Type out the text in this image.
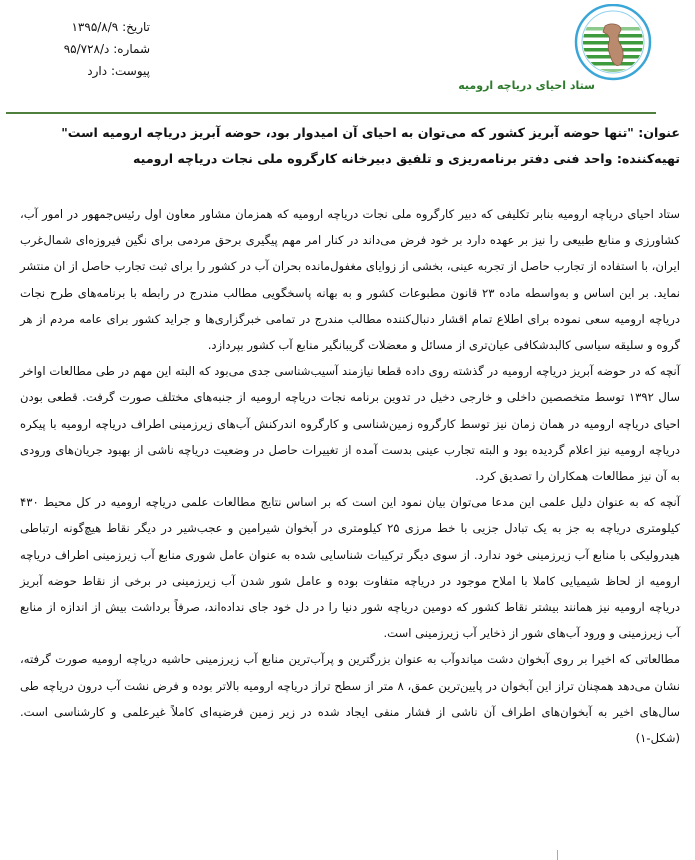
تاریخ: ۱۳۹۵/۸/۹
شماره: د/۹۵/۷۲۸
پیوست: دارد
ستاد احیای دریاچه ارومیه
عنوان: "تنها حوضه آبریز کشور که می‌توان به احیای آن امیدوار بود، حوضه آبریز دریاچه ارومیه است"
تهیه‌کننده: واحد فنی دفتر برنامه‌ریزی و تلفیق دبیرخانه کارگروه ملی نجات دریاچه ارومیه

ستاد احیای دریاچه ارومیه بنابر تکلیفی که دبیر کارگروه ملی نجات دریاچه ارومیه که همزمان مشاور معاون اول رئیس‌جمهور در امور آب، کشاورزی و منابع طبیعی را نیز بر عهده دارد بر خود فرض می‌داند در کنار امر مهم پیگیری برحق مردمی برای نگین فیروزه‌ای شمال‌غرب ایران، با استفاده از تجارب حاصل از تجربه عینی، بخشی از زوایای مغفول‌مانده بحران آب در کشور را برای ثبت تجارب حاصل از ان منتشر نماید. بر این اساس و به‌واسطه ماده ۲۳ قانون مطبوعات کشور و به بهانه پاسخگویی مطالب مندرج در رابطه با برنامه‌های طرح نجات دریاچه ارومیه سعی نموده برای اطلاع تمام اقشار دنبال‌کننده مطالب مندرج در تمامی خبرگزاری‌ها و جراید کشور برای عامه مردم از هر گروه و سلیقه سیاسی کالبدشکافی عیان‌تری از مسائل و معضلات گریبانگیر منابع آب کشور بپردازد.

آنچه که در حوضه آبریز دریاچه ارومیه در گذشته روی داده قطعا نیازمند آسیب‌شناسی جدی می‌بود که البته این مهم در طی مطالعات اواخر سال ۱۳۹۲ توسط متخصصین داخلی و خارجی دخیل در تدوین برنامه نجات دریاچه ارومیه از جنبه‌های مختلف صورت گرفت. قطعی بودن احیای دریاچه ارومیه در همان زمان نیز توسط کارگروه زمین‌شناسی و کارگروه اندرکنش آب‌های زیرزمینی اطراف دریاچه ارومیه با پیکره دریاچه ارومیه نیز اعلام گردیده بود و البته تجارب عینی بدست آمده از تغییرات حاصل در وضعیت دریاچه ناشی از بهبود جریان‌های ورودی به آن نیز مطالعات همکاران را تصدیق کرد.

آنچه که به عنوان دلیل علمی این مدعا می‌توان بیان نمود این است که بر اساس نتایج مطالعات علمی دریاچه ارومیه در کل محیط ۴۳۰ کیلومتری دریاچه به جز به یک تبادل جزیی با خط مرزی ۲۵ کیلومتری در آبخوان شیرامین و عجب‌شیر در دیگر نقاط هیچ‌گونه ارتباطی هیدرولیکی با منابع آب زیرزمینی خود ندارد. از سوی دیگر ترکیبات شناسایی شده به عنوان عامل شوری منابع آب زیرزمینی اطراف دریاچه ارومیه از لحاظ شیمیایی کاملا با املاح موجود در دریاچه متفاوت بوده و عامل شور شدن آب زیرزمینی در برخی از نقاط حوضه آبریز دریاچه ارومیه نیز همانند بیشتر نقاط کشور که دومین دریاچه شور دنیا را در دل خود جای نداده‌اند، صرفاً برداشت بیش از اندازه از منابع آب زیرزمینی و ورود آب‌های شور از ذخایر آب زیرزمینی است.

مطالعاتی که اخیرا بر روی آبخوان دشت میاندوآب به عنوان بزرگترین و پرآب‌ترین منابع آب زیرزمینی حاشیه دریاچه ارومیه صورت گرفته، نشان می‌دهد همچنان تراز این آبخوان در پایین‌ترین عمق، ۸ متر از سطح تراز دریاچه ارومیه بالاتر بوده و فرض نشت آب درون دریاچه طی سال‌های اخیر به آبخوان‌های اطراف آن ناشی از فشار منفی ایجاد شده در زیر زمین فرضیه‌ای کاملاً غیرعلمی و کارشناسی است. (شکل-۱)
